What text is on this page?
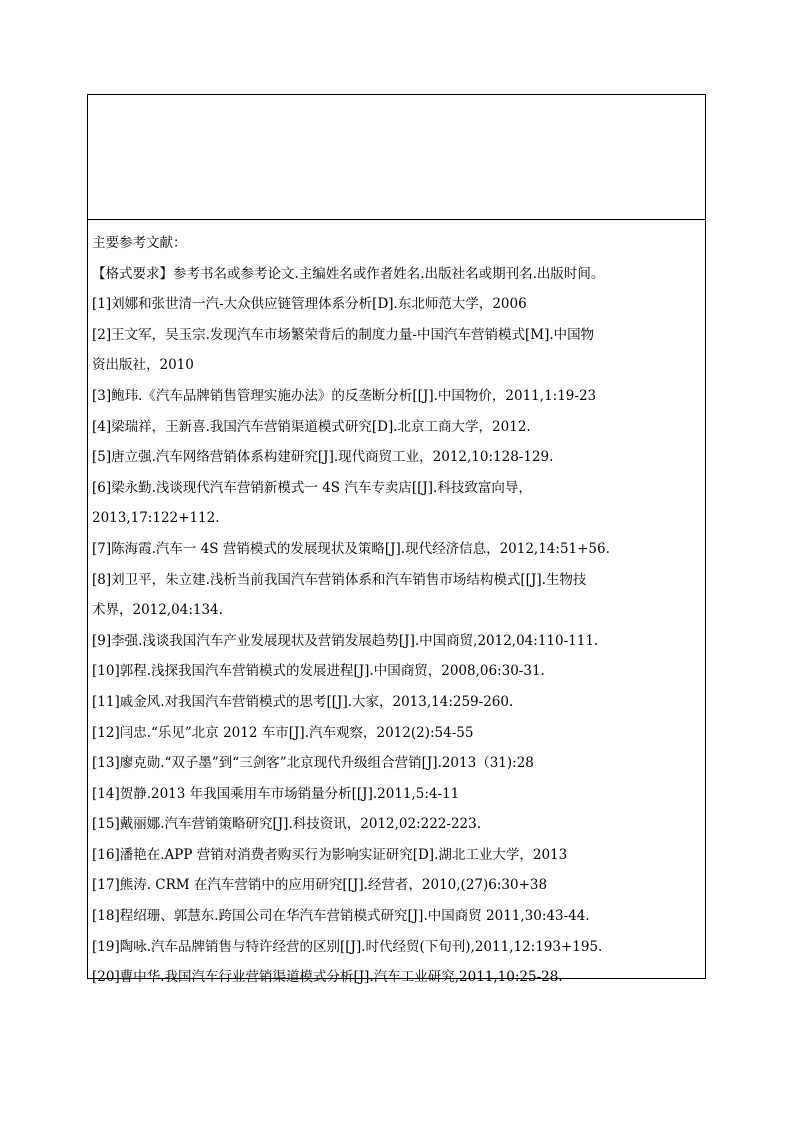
主要参考文献：
【格式要求】参考书名或参考论文.主编姓名或作者姓名.出版社名或期刊名.出版时间。
[1]刘娜和张世清一汽-大众供应链管理体系分析[D].东北师范大学，2006
[2]王文军，吴玉宗.发现汽车市场繁荣背后的制度力量-中国汽车营销模式[M].中国物
资出版社，2010
[3]鲍玮.《汽车品牌销售管理实施办法》的反垄断分析[[J].中国物价，2011,1:19-23
[4]梁瑞祥，王新喜.我国汽车营销渠道模式研究[D].北京工商大学，2012.
[5]唐立强.汽车网络营销体系构建研究[J].现代商贸工业，2012,10:128-129.
[6]梁永勤.浅谈现代汽车营销新模式一 4S 汽车专卖店[[J].科技致富向导，
2013,17:122+112.
[7]陈海霞.汽车一 4S 营销模式的发展现状及策略[J].现代经济信息，2012,14:51+56.
[8]刘卫平，朱立建.浅析当前我国汽车营销体系和汽车销售市场结构模式[[J].生物技
术界，2012,04:134.
[9]李强.浅谈我国汽车产业发展现状及营销发展趋势[J].中国商贸,2012,04:110-111.
[10]郭程.浅探我国汽车营销模式的发展进程[J].中国商贸，2008,06:30-31.
[11]戚金风.对我国汽车营销模式的思考[[J].大家，2013,14:259-260.
[12]闫忠.“乐见”北京 2012 车市[J].汽车观察，2012(2):54-55
[13]廖克勋.“双子墨”到“三剑客”北京现代升级组合营销[J].2013（31):28
[14]贺静.2013 年我国乘用车市场销量分析[[J].2011,5:4-11
[15]戴丽娜.汽车营销策略研究[J].科技资讯，2012,02:222-223.
[16]潘艳在.APP 营销对消费者购买行为影响实证研究[D].湖北工业大学，2013
[17]熊涛. CRM 在汽车营销中的应用研究[[J].经营者，2010,(27)6:30+38
[18]程绍珊、郭慧东.跨国公司在华汽车营销模式研究[J].中国商贸 2011,30:43-44.
[19]陶咏.汽车品牌销售与特许经营的区别[[J].时代经贸(下旬刊),2011,12:193+195.
[20]曹中华.我国汽车行业营销渠道模式分析[J].汽车工业研究,2011,10:25-28.
